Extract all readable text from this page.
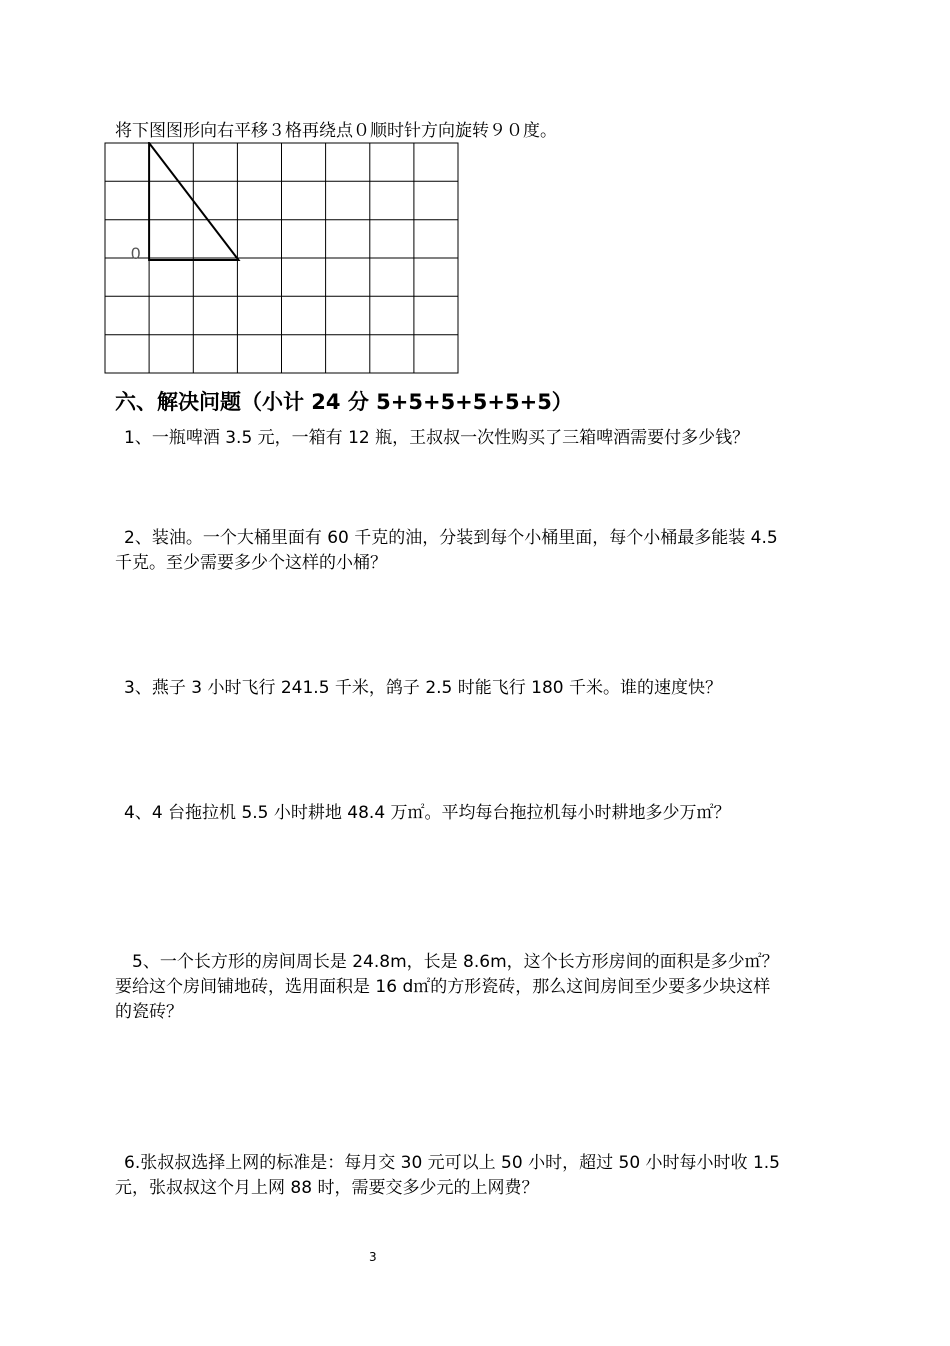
将下图图形向右平移３格再绕点０顺时针方向旋转９０度。
0
六、解决问题（小计 24 分 5+5+5+5+5+5）
1、一瓶啤酒 3.5 元，一箱有 12 瓶，王叔叔一次性购买了三箱啤酒需要付多少钱？
2、装油。一个大桶里面有 60 千克的油，分装到每个小桶里面，每个小桶最多能装 4.5
千克。至少需要多少个这样的小桶？
3、燕子 3 小时飞行 241.5 千米，鸽子 2.5 时能飞行 180 千米。谁的速度快？
4、4 台拖拉机 5.5 小时耕地 48.4 万㎡。平均每台拖拉机每小时耕地多少万㎡？
5、一个长方形的房间周长是 24.8m，长是 8.6m，这个长方形房间的面积是多少㎡？
要给这个房间铺地砖，选用面积是 16 d㎡的方形瓷砖，那么这间房间至少要多少块这样
的瓷砖？
6.张叔叔选择上网的标准是：每月交 30 元可以上 50 小时，超过 50 小时每小时收 1.5
元，张叔叔这个月上网 88 时，需要交多少元的上网费？
3
